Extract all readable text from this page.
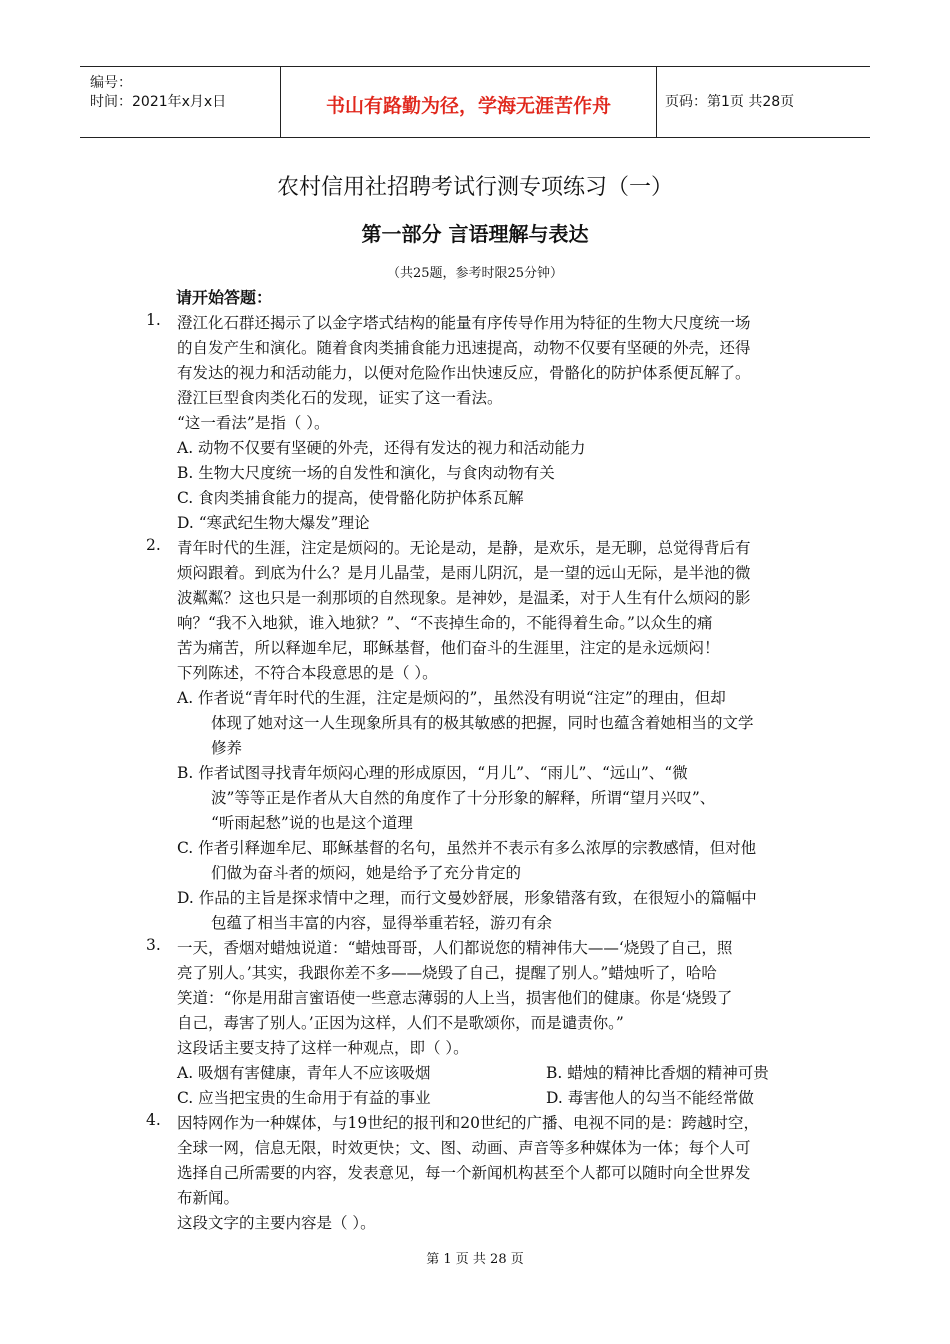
编号：
时间：2021年x月x日	书山有路勤为径，学海无涯苦作舟	页码：第1页 共28页
农村信用社招聘考试行测专项练习（一）
第一部分 言语理解与表达
（共25题，参考时限25分钟）
请开始答题：
1. 澄江化石群还揭示了以金字塔式结构的能量有序传导作用为特征的生物大尺度统一场
的自发产生和演化。随着食肉类捕食能力迅速提高，动物不仅要有坚硬的外壳，还得
有发达的视力和活动能力，以便对危险作出快速反应，骨骼化的防护体系便瓦解了。
澄江巨型食肉类化石的发现，证实了这一看法。
“这一看法”是指（ ）。
A. 动物不仅要有坚硬的外壳，还得有发达的视力和活动能力
B. 生物大尺度统一场的自发性和演化，与食肉动物有关
C. 食肉类捕食能力的提高，使骨骼化防护体系瓦解
D. “寒武纪生物大爆发”理论
2. 青年时代的生涯，注定是烦闷的。无论是动，是静，是欢乐，是无聊，总觉得背后有
烦闷跟着。到底为什么？是月儿晶莹，是雨儿阴沉，是一望的远山无际，是半池的微
波粼粼？这也只是一刹那顷的自然现象。是神妙，是温柔，对于人生有什么烦闷的影
响？“我不入地狱，谁入地狱？”、“不丧掉生命的，不能得着生命。”以众生的痛
苦为痛苦，所以释迦牟尼，耶稣基督，他们奋斗的生涯里，注定的是永远烦闷！
下列陈述，不符合本段意思的是（ ）。
A. 作者说“青年时代的生涯，注定是烦闷的”，虽然没有明说“注定”的理由，但却
体现了她对这一人生现象所具有的极其敏感的把握，同时也蕴含着她相当的文学
修养
B. 作者试图寻找青年烦闷心理的形成原因，“月儿”、“雨儿”、“远山”、“微
波”等等正是作者从大自然的角度作了十分形象的解释，所谓“望月兴叹”、
“听雨起愁”说的也是这个道理
C. 作者引释迦牟尼、耶稣基督的名句，虽然并不表示有多么浓厚的宗教感情，但对他
们做为奋斗者的烦闷，她是给予了充分肯定的
D. 作品的主旨是探求情中之理，而行文曼妙舒展，形象错落有致，在很短小的篇幅中
包蕴了相当丰富的内容，显得举重若轻，游刃有余
3. 一天，香烟对蜡烛说道：“蜡烛哥哥，人们都说您的精神伟大——‘烧毁了自己，照
亮了别人。’其实，我跟你差不多——烧毁了自己，提醒了别人。”蜡烛听了，哈哈
笑道：“你是用甜言蜜语使一些意志薄弱的人上当，损害他们的健康。你是‘烧毁了
自己，毒害了别人。’正因为这样，人们不是歌颂你，而是谴责你。”
这段话主要支持了这样一种观点，即（ ）。
A. 吸烟有害健康，青年人不应该吸烟	B. 蜡烛的精神比香烟的精神可贵
C. 应当把宝贵的生命用于有益的事业	D. 毒害他人的勾当不能经常做
4. 因特网作为一种媒体，与19世纪的报刊和20世纪的广播、电视不同的是：跨越时空，
全球一网，信息无限，时效更快；文、图、动画、声音等多种媒体为一体；每个人可
选择自己所需要的内容，发表意见，每一个新闻机构甚至个人都可以随时向全世界发
布新闻。
这段文字的主要内容是（ ）。
第 1 页 共 28 页
